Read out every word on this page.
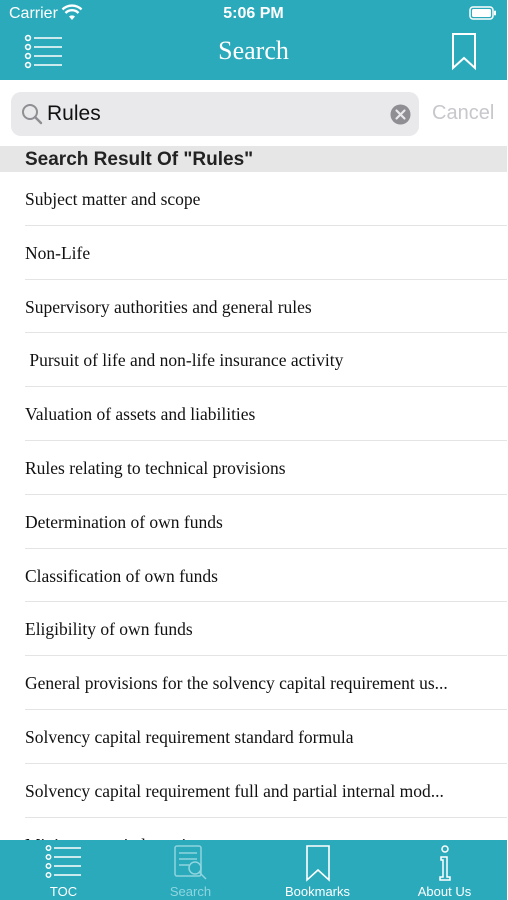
Carrier	5:06 PM
Search
Rules
Cancel
Search Result Of "Rules"
Subject matter and scope
Non-Life
Supervisory authorities and general rules
Pursuit of life and non-life insurance activity
Valuation of assets and liabilities
Rules relating to technical provisions
Determination of own funds
Classification of own funds
Eligibility of own funds
General provisions for the solvency capital requirement us...
Solvency capital requirement standard formula
Solvency capital requirement full and partial internal mod...
TOC	Search	Bookmarks	About Us
